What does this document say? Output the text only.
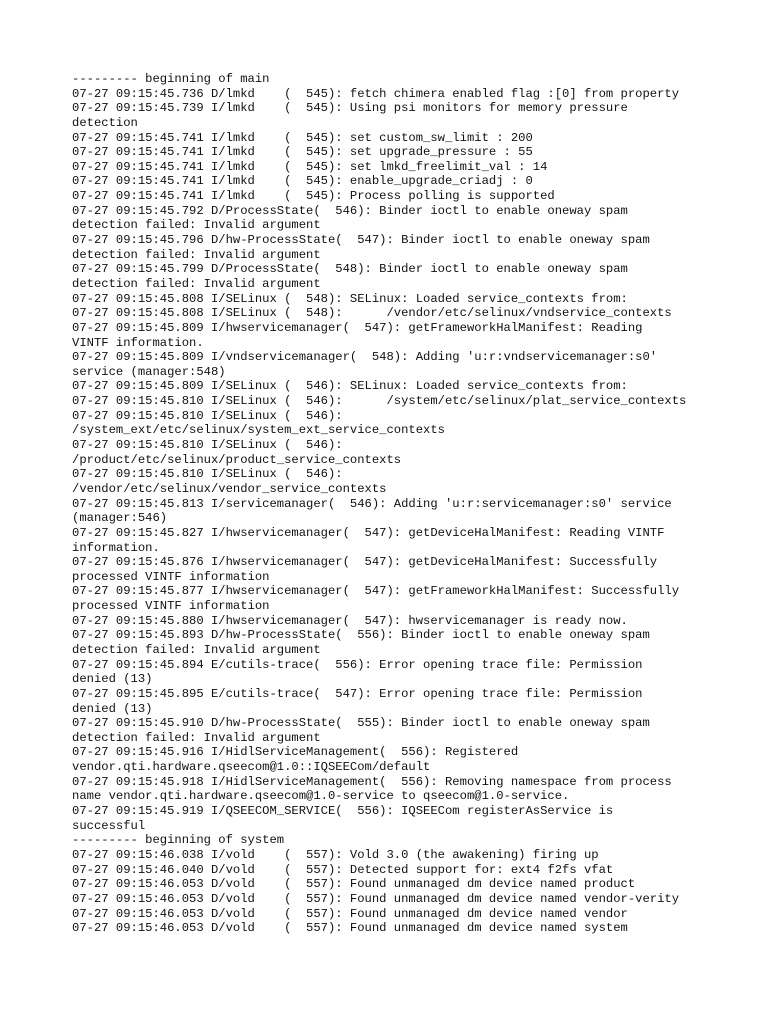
--------- beginning of main
07-27 09:15:45.736 D/lmkd    (  545): fetch chimera enabled flag :[0] from property
07-27 09:15:45.739 I/lmkd    (  545): Using psi monitors for memory pressure
detection
07-27 09:15:45.741 I/lmkd    (  545): set custom_sw_limit : 200
07-27 09:15:45.741 I/lmkd    (  545): set upgrade_pressure : 55
07-27 09:15:45.741 I/lmkd    (  545): set lmkd_freelimit_val : 14
07-27 09:15:45.741 I/lmkd    (  545): enable_upgrade_criadj : 0
07-27 09:15:45.741 I/lmkd    (  545): Process polling is supported
07-27 09:15:45.792 D/ProcessState(  546): Binder ioctl to enable oneway spam
detection failed: Invalid argument
07-27 09:15:45.796 D/hw-ProcessState(  547): Binder ioctl to enable oneway spam
detection failed: Invalid argument
07-27 09:15:45.799 D/ProcessState(  548): Binder ioctl to enable oneway spam
detection failed: Invalid argument
07-27 09:15:45.808 I/SELinux (  548): SELinux: Loaded service_contexts from:
07-27 09:15:45.808 I/SELinux (  548):      /vendor/etc/selinux/vndservice_contexts
07-27 09:15:45.809 I/hwservicemanager(  547): getFrameworkHalManifest: Reading
VINTF information.
07-27 09:15:45.809 I/vndservicemanager(  548): Adding 'u:r:vndservicemanager:s0'
service (manager:548)
07-27 09:15:45.809 I/SELinux (  546): SELinux: Loaded service_contexts from:
07-27 09:15:45.810 I/SELinux (  546):      /system/etc/selinux/plat_service_contexts
07-27 09:15:45.810 I/SELinux (  546):
/system_ext/etc/selinux/system_ext_service_contexts
07-27 09:15:45.810 I/SELinux (  546):
/product/etc/selinux/product_service_contexts
07-27 09:15:45.810 I/SELinux (  546):
/vendor/etc/selinux/vendor_service_contexts
07-27 09:15:45.813 I/servicemanager(  546): Adding 'u:r:servicemanager:s0' service
(manager:546)
07-27 09:15:45.827 I/hwservicemanager(  547): getDeviceHalManifest: Reading VINTF
information.
07-27 09:15:45.876 I/hwservicemanager(  547): getDeviceHalManifest: Successfully
processed VINTF information
07-27 09:15:45.877 I/hwservicemanager(  547): getFrameworkHalManifest: Successfully
processed VINTF information
07-27 09:15:45.880 I/hwservicemanager(  547): hwservicemanager is ready now.
07-27 09:15:45.893 D/hw-ProcessState(  556): Binder ioctl to enable oneway spam
detection failed: Invalid argument
07-27 09:15:45.894 E/cutils-trace(  556): Error opening trace file: Permission
denied (13)
07-27 09:15:45.895 E/cutils-trace(  547): Error opening trace file: Permission
denied (13)
07-27 09:15:45.910 D/hw-ProcessState(  555): Binder ioctl to enable oneway spam
detection failed: Invalid argument
07-27 09:15:45.916 I/HidlServiceManagement(  556): Registered
vendor.qti.hardware.qseecom@1.0::IQSEECom/default
07-27 09:15:45.918 I/HidlServiceManagement(  556): Removing namespace from process
name vendor.qti.hardware.qseecom@1.0-service to qseecom@1.0-service.
07-27 09:15:45.919 I/QSEECOM_SERVICE(  556): IQSEECom registerAsService is
successful
--------- beginning of system
07-27 09:15:46.038 I/vold    (  557): Vold 3.0 (the awakening) firing up
07-27 09:15:46.040 D/vold    (  557): Detected support for: ext4 f2fs vfat
07-27 09:15:46.053 D/vold    (  557): Found unmanaged dm device named product
07-27 09:15:46.053 D/vold    (  557): Found unmanaged dm device named vendor-verity
07-27 09:15:46.053 D/vold    (  557): Found unmanaged dm device named vendor
07-27 09:15:46.053 D/vold    (  557): Found unmanaged dm device named system
